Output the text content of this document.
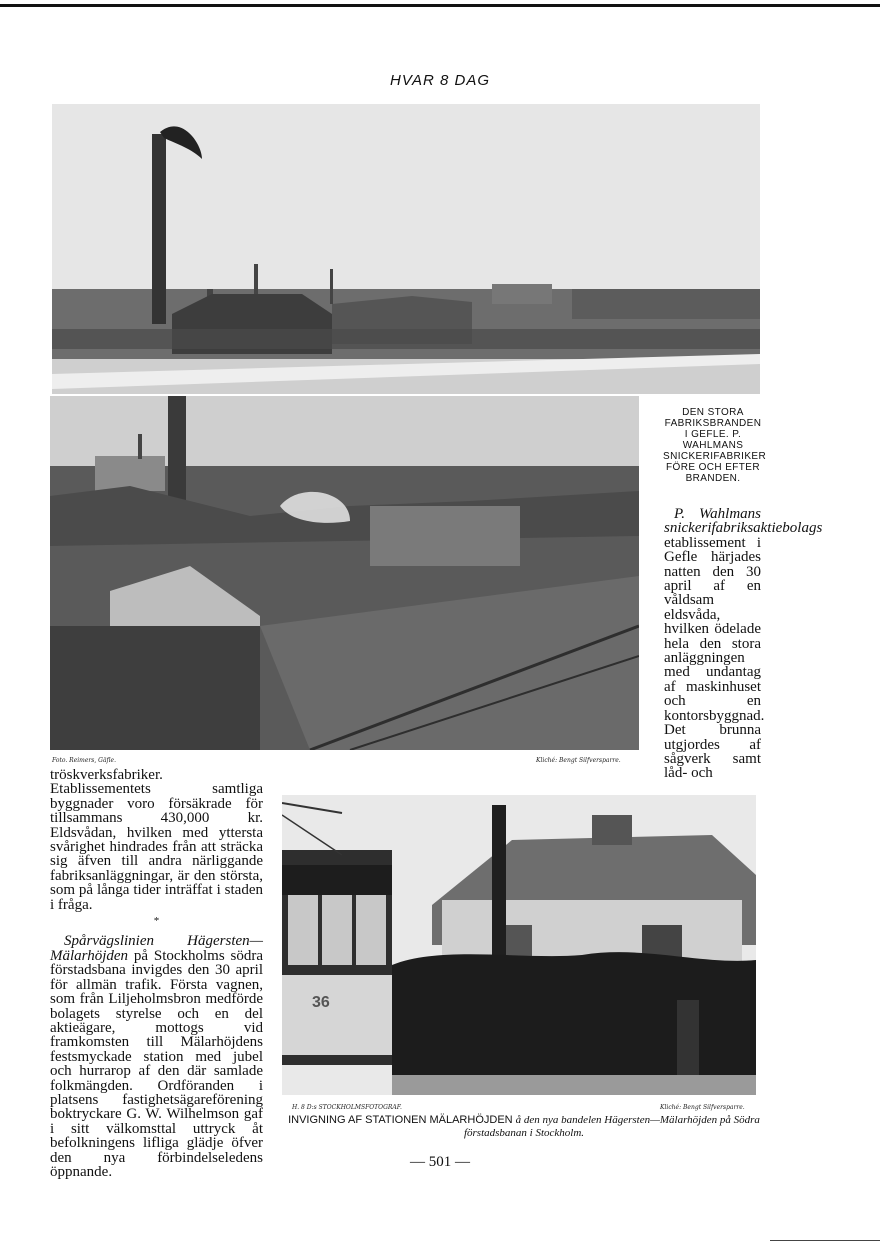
HVAR 8 DAG
Foto. Reimers, Gäfle.	Kliché: Bengt Silfversparre.
DEN STORA FABRIKSBRANDEN I GEFLE. P. WAHLMANS SNICKERIFABRIKER FÖRE OCH EFTER BRANDEN.
P. Wahlmans snickerifabriksaktiebolags
etablissement i Gefle härjades natten den 30 april af en våldsam eldsvåda, hvilken ödelade hela den stora anläggningen med undantag af maskinhuset och en kontorsbyggnad. Det brunna utgjordes af sågverk samt låd- och

tröskverksfabriker. Etablissementets samtliga byggnader voro försäkrade för tillsammans 430,000 kr. Eldsvådan, hvilken med yttersta svårighet hindrades från att sträcka sig äfven till andra närliggande fabriksanläggningar, är den största, som på långa tider inträffat i staden i fråga.

*

Spårvägslinien Hägersten—Mälarhöjden på Stockholms södra förstadsbana invigdes den 30 april för allmän trafik. Första vagnen, som från Liljeholmsbron medförde bolagets styrelse och en del aktieägare, mottogs vid framkomsten till Mälarhöjdens festsmyckade station med jubel och hurrarop af den där samlade folkmängden. Ordföranden i platsens fastighetsägareförening boktryckare G. W. Wilhelmson gaf i sitt välkomsttal uttryck åt befolkningens lifliga glädje öfver den nya förbindelseledens öppnande.

36
H. 8 D:s STOCKHOLMSFOTOGRAF.	Kliché: Bengt Silfversparre.
INVIGNING AF STATIONEN MÄLARHÖJDEN å den nya bandelen Hägersten—Mälarhöjden på Södra förstadsbanan i Stockholm.
— 501 —
